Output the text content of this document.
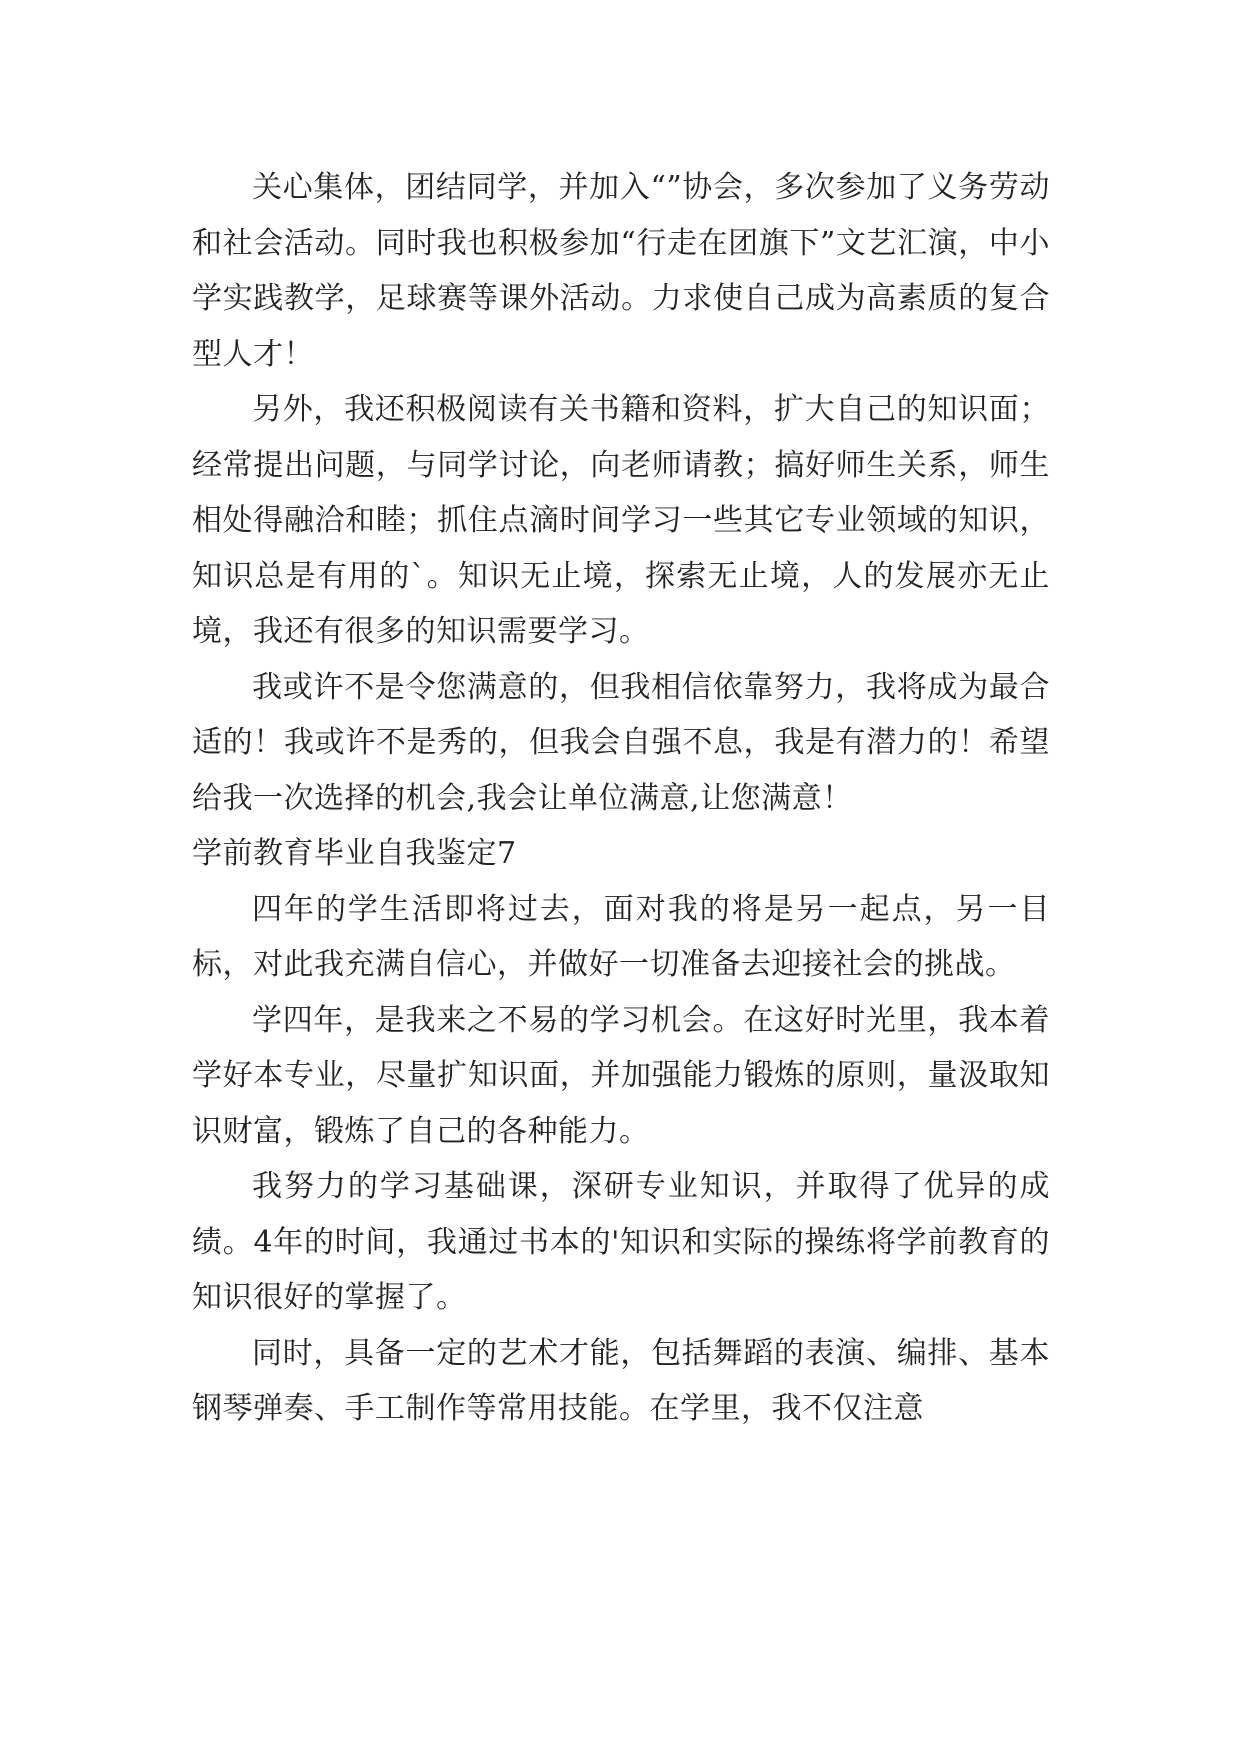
关心集体，团结同学，并加入“”协会，多次参加了义务劳动和社会活动。同时我也积极参加“行走在团旗下”文艺汇演，中小学实践教学，足球赛等课外活动。力求使自己成为高素质的复合型人才！

另外，我还积极阅读有关书籍和资料，扩大自己的知识面；经常提出问题，与同学讨论，向老师请教；搞好师生关系，师生相处得融洽和睦；抓住点滴时间学习一些其它专业领域的知识，知识总是有用的`。知识无止境，探索无止境，人的发展亦无止境，我还有很多的知识需要学习。

我或许不是令您满意的，但我相信依靠努力，我将成为最合适的！我或许不是秀的，但我会自强不息，我是有潜力的！希望给我一次选择的机会,我会让单位满意,让您满意！

学前教育毕业自我鉴定7

四年的学生活即将过去，面对我的将是另一起点，另一目标，对此我充满自信心，并做好一切准备去迎接社会的挑战。

学四年，是我来之不易的学习机会。在这好时光里，我本着学好本专业，尽量扩知识面，并加强能力锻炼的原则，量汲取知识财富，锻炼了自己的各种能力。

我努力的学习基础课，深研专业知识，并取得了优异的成绩。4年的时间，我通过书本的'知识和实际的操练将学前教育的知识很好的掌握了。

同时，具备一定的艺术才能，包括舞蹈的表演、编排、基本钢琴弹奏、手工制作等常用技能。在学里，我不仅注意
